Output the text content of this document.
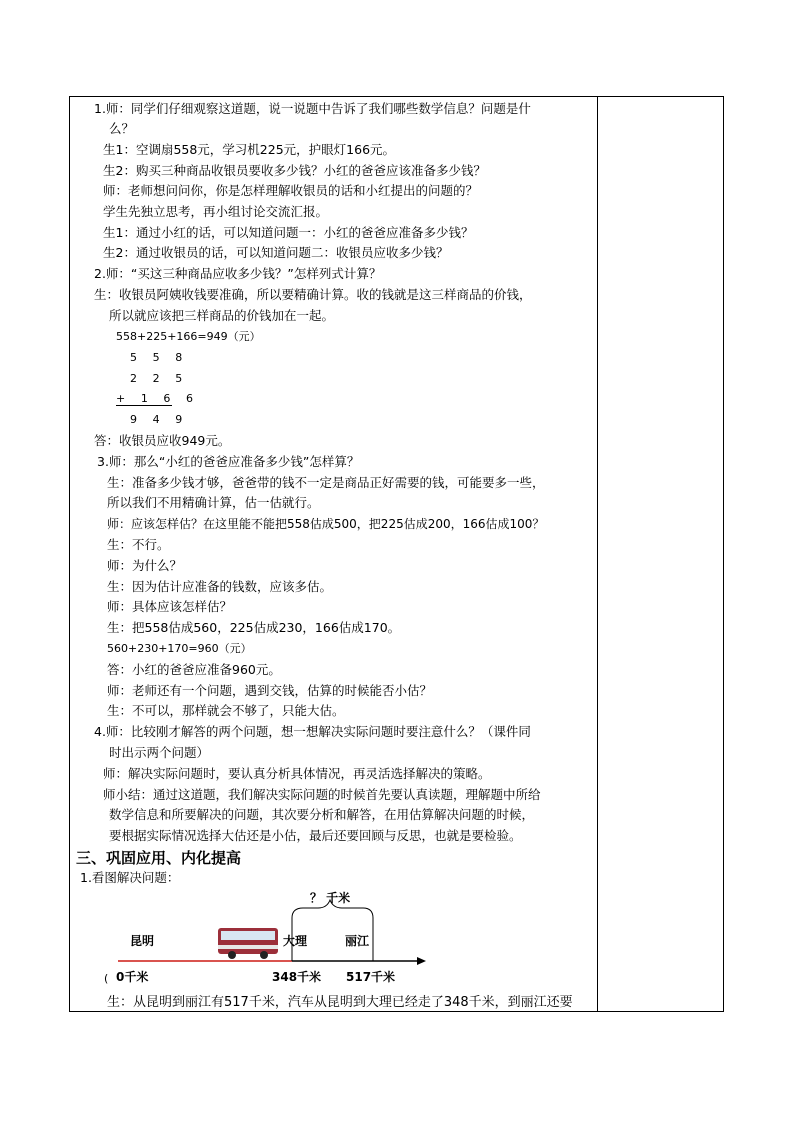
1.师：同学们仔细观察这道题，说一说题中告诉了我们哪些数学信息？问题是什
么？
生1：空调扇558元，学习机225元，护眼灯166元。
生2：购买三种商品收银员要收多少钱？小红的爸爸应该准备多少钱？
师：老师想问问你，你是怎样理解收银员的话和小红提出的问题的？
学生先独立思考，再小组讨论交流汇报。
生1：通过小红的话，可以知道问题一：小红的爸爸应准备多少钱？
生2：通过收银员的话，可以知道问题二：收银员应收多少钱？
2.师：“买这三种商品应收多少钱？”怎样列式计算？
生：收银员阿姨收钱要准确，所以要精确计算。收的钱就是这三样商品的价钱，
所以就应该把三样商品的价钱加在一起。
558+225+166=949（元）
5 5 8
2 2 5
+ 1 6 6
9 4 9
答：收银员应收949元。
3.师：那么“小红的爸爸应准备多少钱”怎样算？
生：准备多少钱才够，爸爸带的钱不一定是商品正好需要的钱，可能要多一些，
所以我们不用精确计算，估一估就行。
师：应该怎样估？在这里能不能把558估成500，把225估成200，166估成100？
生：不行。
师：为什么？
生：因为估计应准备的钱数，应该多估。
师：具体应该怎样估？
生：把558估成560，225估成230，166估成170。
560+230+170=960（元）
答：小红的爸爸应准备960元。
师：老师还有一个问题，遇到交钱，估算的时候能否小估？
生：不可以，那样就会不够了，只能大估。
4.师：比较刚才解答的两个问题，想一想解决实际问题时要注意什么？（课件同
时出示两个问题）
师：解决实际问题时，要认真分析具体情况，再灵活选择解决的策略。
师小结：通过这道题，我们解决实际问题的时候首先要认真读题，理解题中所给
数学信息和所要解决的问题，其次要分析和解答，在用估算解决问题的时候，
要根据实际情况选择大估还是小估，最后还要回顾与反思，也就是要检验。
三、巩固应用、内化提高
1.看图解决问题：
？ 千米
昆明	大理	丽江
( 0千米	348千米 517千米
生：从昆明到丽江有517千米，汽车从昆明到大理已经走了348千米，到丽江还要
